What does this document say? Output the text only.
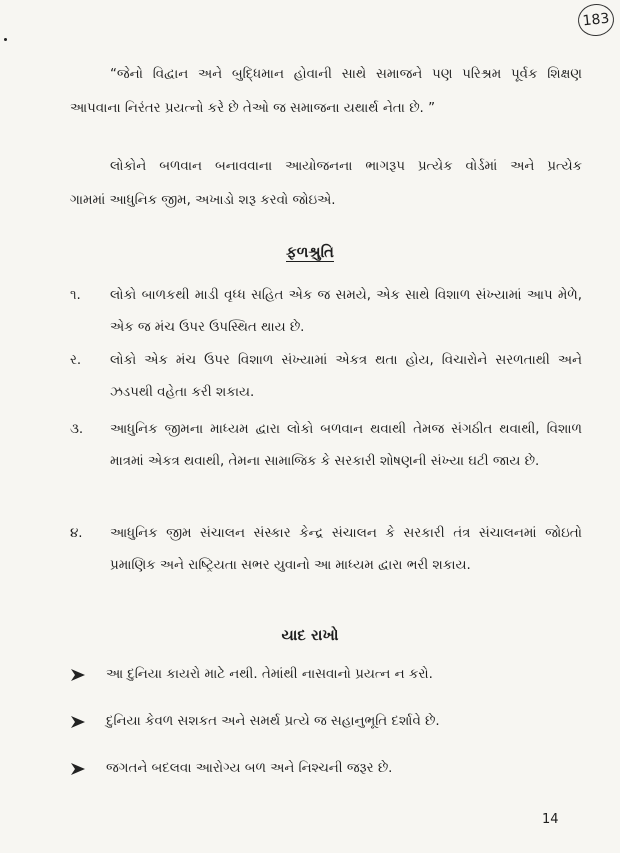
183
“જેનો વિદ્વાન અને બુદ્ધિમાન હોવાની સાથે સમાજને પણ પરિશ્રમ પૂર્વક શિક્ષણ
આપવાના નિરંતર પ્રયત્નો કરે છે તેઓ જ સમાજના યથાર્થ નેતા છે. ”
લોકોને બળવાન બનાવવાના આયોજનના ભાગરૂપ પ્રત્યેક વોર્ડમાં અને પ્રત્યેક
ગામમાં આધુનિક જીમ, અખાડો શરૂ કરવો જોઇએ.
ફળશ્રુતિ
૧. લોકો બાળકથી માડી વૃધ્ધ સહિત એક જ સમયે, એક સાથે વિશાળ સંખ્યામાં આપ મેળે, એક જ મંચ ઉપર ઉપસ્થિત થાય છે.
ર. લોકો એક મંચ ઉપર વિશાળ સંખ્યામાં એકત્ર થતા હોય, વિચારોને સરળતાથી અને ઝડપથી વહેતા કરી શકાય.
૩. આધુનિક જીમના માધ્યમ દ્વારા લોકો બળવાન થવાથી તેમજ સંગઠીત થવાથી, વિશાળ માત્રમાં એકત્ર થવાથી, તેમના સામાજિક કે સરકારી શોષણની સંખ્યા ઘટી જાય છે.
૪. આધુનિક જીમ સંચાલન સંસ્કાર કેન્દ્ર સંચાલન કે સરકારી તંત્ર સંચાલનમાં જોઇતો પ્રમાણિક અને રાષ્ટ્રિયતા સભર યુવાનો આ માધ્યમ દ્વારા ભરી શકાય.
યાદ રાખો
આ દુનિયા કાયરો માટે નથી. તેમાંથી નાસવાનો પ્રયત્ન ન કરો.
દુનિયા કેવળ સશકત અને સમર્થ પ્રત્યે જ સહાનુભૂતિ દર્શાવે છે.
જગતને બદલવા આરોગ્ય બળ અને નિશ્ચની જરૂર છે.
14
